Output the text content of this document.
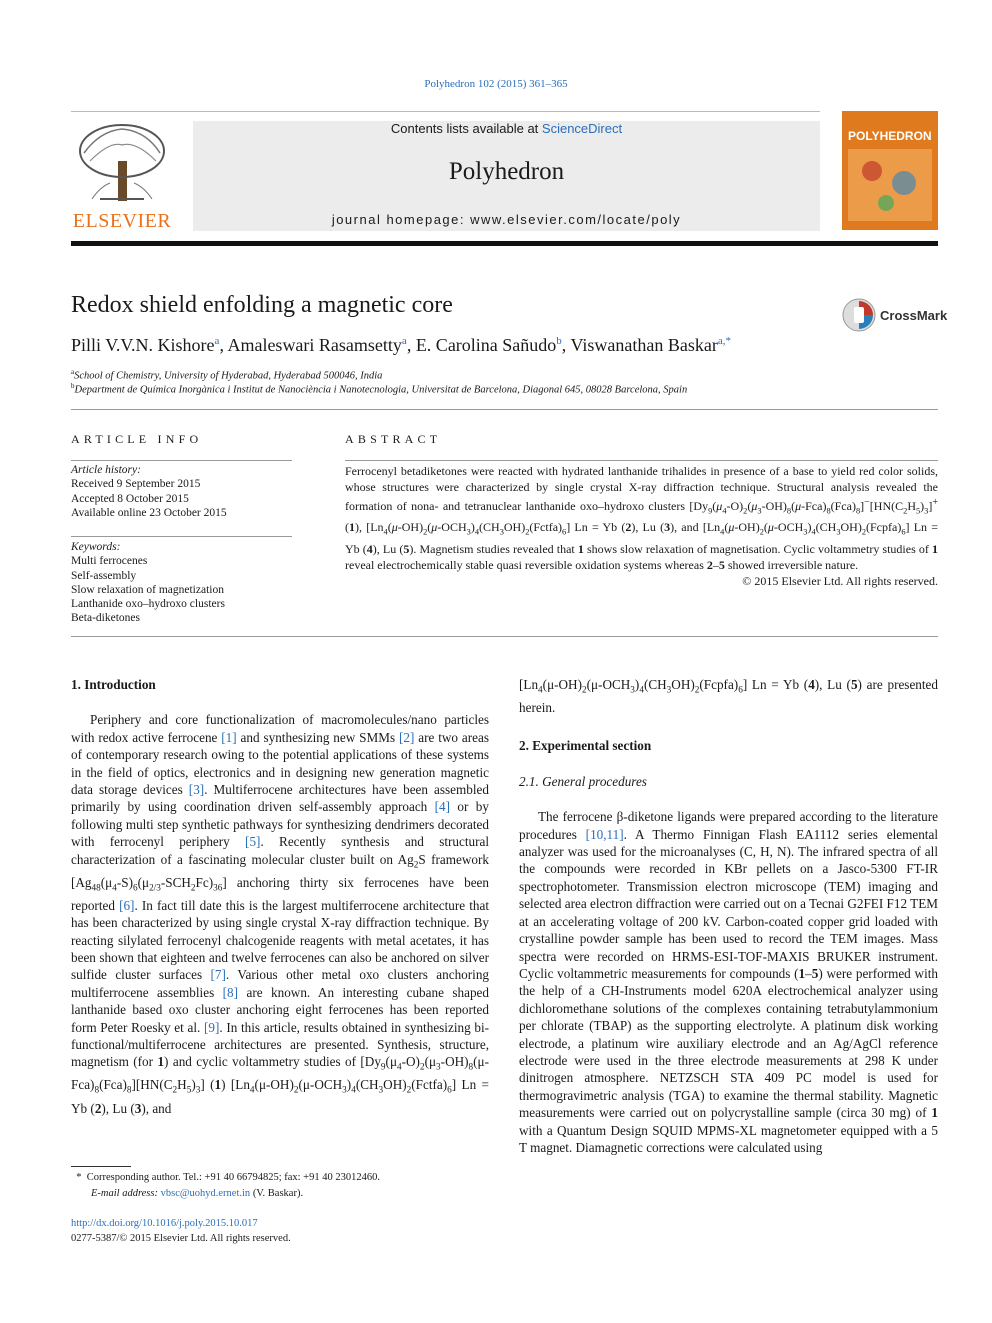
Polyhedron 102 (2015) 361–365
ELSEVIER
Contents lists available at ScienceDirect
Polyhedron
journal homepage: www.elsevier.com/locate/poly
POLYHEDRON
Redox shield enfolding a magnetic core	CrossMark
Pilli V.V.N. Kishore$^a$, Amaleswari Rasamsetty$^a$, E. Carolina Sañudo$^b$, Viswanathan Baskar$^{a,*}$
$^a$School of Chemistry, University of Hyderabad, Hyderabad 500046, India
$^b$Department de Química Inorgànica i Institut de Nanociència i Nanotecnologia, Universitat de Barcelona, Diagonal 645, 08028 Barcelona, Spain
ARTICLE INFO	ABSTRACT
Article history:
Received 9 September 2015
Accepted 8 October 2015
Available online 23 October 2015
Keywords:
Multi ferrocenes
Self-assembly
Slow relaxation of magnetization
Lanthanide oxo–hydroxo clusters
Beta-diketones
Ferrocenyl betadiketones were reacted with hydrated lanthanide trihalides in presence of a base to yield red color solids, whose structures were characterized by single crystal X-ray diffraction technique. Structural analysis revealed the formation of nona- and tetranuclear lanthanide oxo–hydroxo clusters $[Dy_9(\mu_4-O)_2(\mu_3-OH)_8(\mu-Fca)_8(Fca)_8]^-[HN(C_2H_5)_3]^+$ (1), $[Ln_4(\mu-OH)_2(\mu-OCH_3)_4(CH_3OH)_2(Fctfa)_6] Ln = Yb$ (2), Lu (3), and $[Ln_4(\mu-OH)_2(\mu-OCH_3)_4(CH_3OH)_2(Fcpfa)_6] Ln = Yb$ (4), Lu (5). Magnetism studies revealed that 1 shows slow relaxation of magnetisation. Cyclic voltammetry studies of 1 reveal electrochemically stable quasi reversible oxidation systems whereas 2–5 showed irreversible nature.
© 2015 Elsevier Ltd. All rights reserved.

1. Introduction

Periphery and core functionalization of macromolecules/nano particles with redox active ferrocene [1] and synthesizing new SMMs [2] are two areas of contemporary research owing to the potential applications of these systems in the field of optics, electronics and in designing new generation magnetic data storage devices [3]. Multiferrocene architectures have been assembled primarily by using coordination driven self-assembly approach [4] or by following multi step synthetic pathways for synthesizing dendrimers decorated with ferrocenyl periphery [5]. Recently synthesis and structural characterization of a fascinating molecular cluster built on $Ag_2S$ framework $[Ag_{48}(\mu_4-S)_6(\mu_{2/3}-SCH_2Fc)_{36}]$ anchoring thirty six ferrocenes have been reported [6]. In fact till date this is the largest multiferrocene architecture that has been characterized by using single crystal X-ray diffraction technique. By reacting silylated ferrocenyl chalcogenide reagents with metal acetates, it has been shown that eighteen and twelve ferrocenes can also be anchored on silver sulfide cluster surfaces [7]. Various other metal oxo clusters anchoring multiferrocene assemblies [8] are known. An interesting cubane shaped lanthanide based oxo cluster anchoring eight ferrocenes has been reported form Peter Roesky et al. [9]. In this article, results obtained in synthesizing bi-functional/multiferrocene architectures are presented. Synthesis, structure, magnetism (for 1) and cyclic voltammetry studies of $[Dy_9(\mu_4-O)_2(\mu_3-OH)_8(\mu-Fca)_8(Fca)_8][HN(C_2H_5)_3]$ (1) $[Ln_4(\mu-OH)_2(\mu-OCH_3)_4(CH_3OH)_2(Fctfa)_6] Ln = Yb$ (2), Lu (3), and

$[Ln_4(\mu-OH)_2(\mu-OCH_3)_4(CH_3OH)_2(Fcpfa)_6] Ln = Yb$ (4), Lu (5) are presented herein.

2. Experimental section

2.1. General procedures

The ferrocene β-diketone ligands were prepared according to the literature procedures [10,11]. A Thermo Finnigan Flash EA1112 series elemental analyzer was used for the microanalyses (C, H, N). The infrared spectra of all the compounds were recorded in KBr pellets on a Jasco-5300 FT-IR spectrophotometer. Transmission electron microscope (TEM) imaging and selected area electron diffraction were carried out on a Tecnai G2FEI F12 TEM at an accelerating voltage of 200 kV. Carbon-coated copper grid loaded with crystalline powder sample has been used to record the TEM images. Mass spectra were recorded on HRMS-ESI-TOF-MAXIS BRUKER instrument. Cyclic voltammetric measurements for compounds (1–5) were performed with the help of a CH-Instruments model 620A electrochemical analyzer using dichloromethane solutions of the complexes containing tetrabutylammonium per chlorate (TBAP) as the supporting electrolyte. A platinum disk working electrode, a platinum wire auxiliary electrode and an Ag/AgCl reference electrode were used in the three electrode measurements at 298 K under dinitrogen atmosphere. NETZSCH STA 409 PC model is used for thermogravimetric analysis (TGA) to examine the thermal stability. Magnetic measurements were carried out on polycrystalline sample (circa 30 mg) of 1 with a Quantum Design SQUID MPMS-XL magnetometer equipped with a 5 T magnet. Diamagnetic corrections were calculated using

*  Corresponding author. Tel.: +91 40 66794825; fax: +91 40 23012460.
E-mail address: vbsc@uohyd.ernet.in (V. Baskar).
http://dx.doi.org/10.1016/j.poly.2015.10.017
0277-5387/© 2015 Elsevier Ltd. All rights reserved.
